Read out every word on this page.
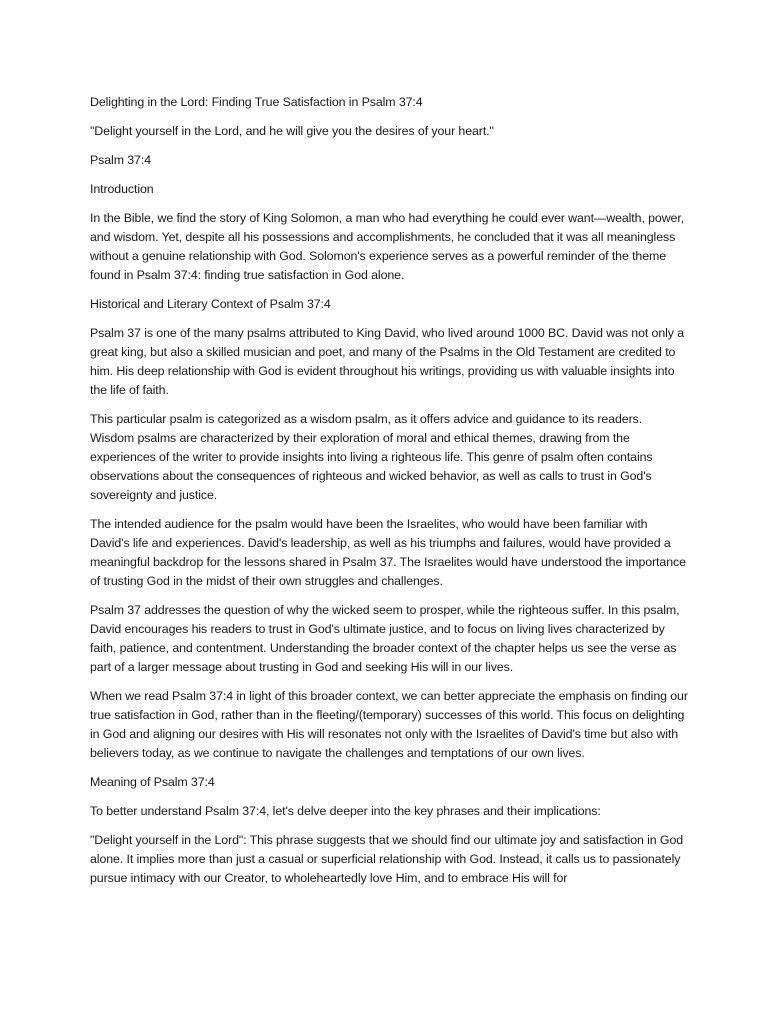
Delighting in the Lord: Finding True Satisfaction in Psalm 37:4

"Delight yourself in the Lord, and he will give you the desires of your heart."

Psalm 37:4

Introduction

In the Bible, we find the story of King Solomon, a man who had everything he could ever want—wealth, power, and wisdom. Yet, despite all his possessions and accomplishments, he concluded that it was all meaningless without a genuine relationship with God. Solomon's experience serves as a powerful reminder of the theme found in Psalm 37:4: finding true satisfaction in God alone.

Historical and Literary Context of Psalm 37:4

Psalm 37 is one of the many psalms attributed to King David, who lived around 1000 BC. David was not only a great king, but also a skilled musician and poet, and many of the Psalms in the Old Testament are credited to him. His deep relationship with God is evident throughout his writings, providing us with valuable insights into the life of faith.

This particular psalm is categorized as a wisdom psalm, as it offers advice and guidance to its readers. Wisdom psalms are characterized by their exploration of moral and ethical themes, drawing from the experiences of the writer to provide insights into living a righteous life. This genre of psalm often contains observations about the consequences of righteous and wicked behavior, as well as calls to trust in God's sovereignty and justice.

The intended audience for the psalm would have been the Israelites, who would have been familiar with David's life and experiences. David's leadership, as well as his triumphs and failures, would have provided a meaningful backdrop for the lessons shared in Psalm 37. The Israelites would have understood the importance of trusting God in the midst of their own struggles and challenges.

Psalm 37 addresses the question of why the wicked seem to prosper, while the righteous suffer. In this psalm, David encourages his readers to trust in God's ultimate justice, and to focus on living lives characterized by faith, patience, and contentment. Understanding the broader context of the chapter helps us see the verse as part of a larger message about trusting in God and seeking His will in our lives.

When we read Psalm 37:4 in light of this broader context, we can better appreciate the emphasis on finding our true satisfaction in God, rather than in the fleeting/(temporary) successes of this world. This focus on delighting in God and aligning our desires with His will resonates not only with the Israelites of David's time but also with believers today, as we continue to navigate the challenges and temptations of our own lives.

Meaning of Psalm 37:4

To better understand Psalm 37:4, let's delve deeper into the key phrases and their implications:

"Delight yourself in the Lord": This phrase suggests that we should find our ultimate joy and satisfaction in God alone. It implies more than just a casual or superficial relationship with God. Instead, it calls us to passionately pursue intimacy with our Creator, to wholeheartedly love Him, and to embrace His will for
